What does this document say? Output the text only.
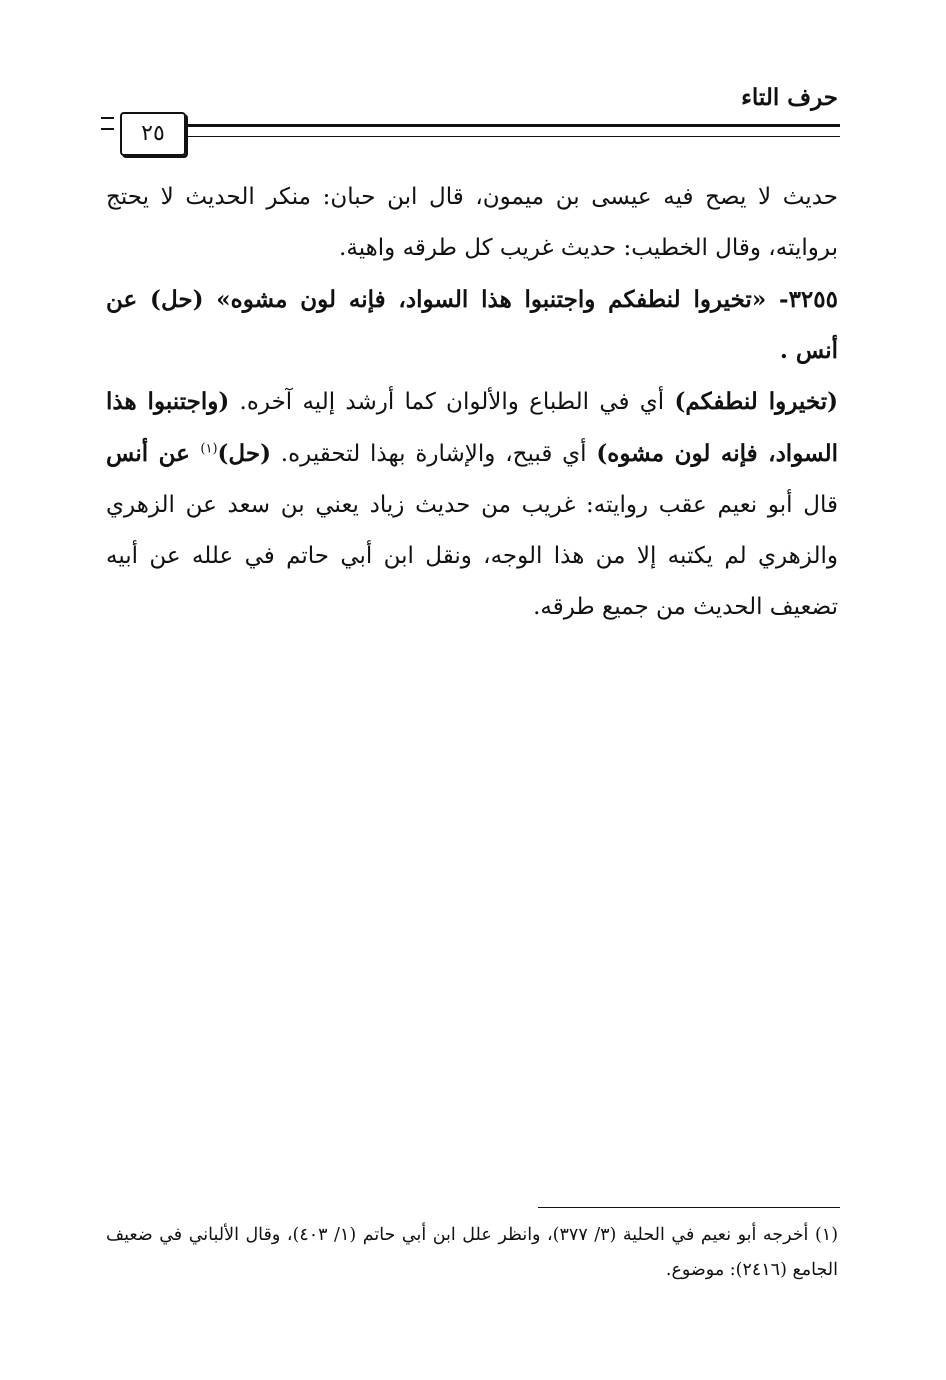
حرف التاء
٢٥

حديث لا يصح فيه عيسى بن ميمون، قال ابن حبان: منكر الحديث لا يحتج بروايته، وقال الخطيب: حديث غريب كل طرقه واهية.

٣٢٥٥- «تخيروا لنطفكم واجتنبوا هذا السواد، فإنه لون مشوه» (حل) عن أنس .

(تخيروا لنطفكم) أي في الطباع والألوان كما أرشد إليه آخره. (واجتنبوا هذا السواد، فإنه لون مشوه) أي قبيح، والإشارة بهذا لتحقيره. (حل)$^{(١)}$ عن أنس قال أبو نعيم عقب روايته: غريب من حديث زياد يعني بن سعد عن الزهري والزهري لم يكتبه إلا من هذا الوجه، ونقل ابن أبي حاتم في علله عن أبيه تضعيف الحديث من جميع طرقه.

(١) أخرجه أبو نعيم في الحلية (٣/ ٣٧٧)، وانظر علل ابن أبي حاتم (١/ ٤٠٣)، وقال الألباني في ضعيف الجامع (٢٤١٦): موضوع.
